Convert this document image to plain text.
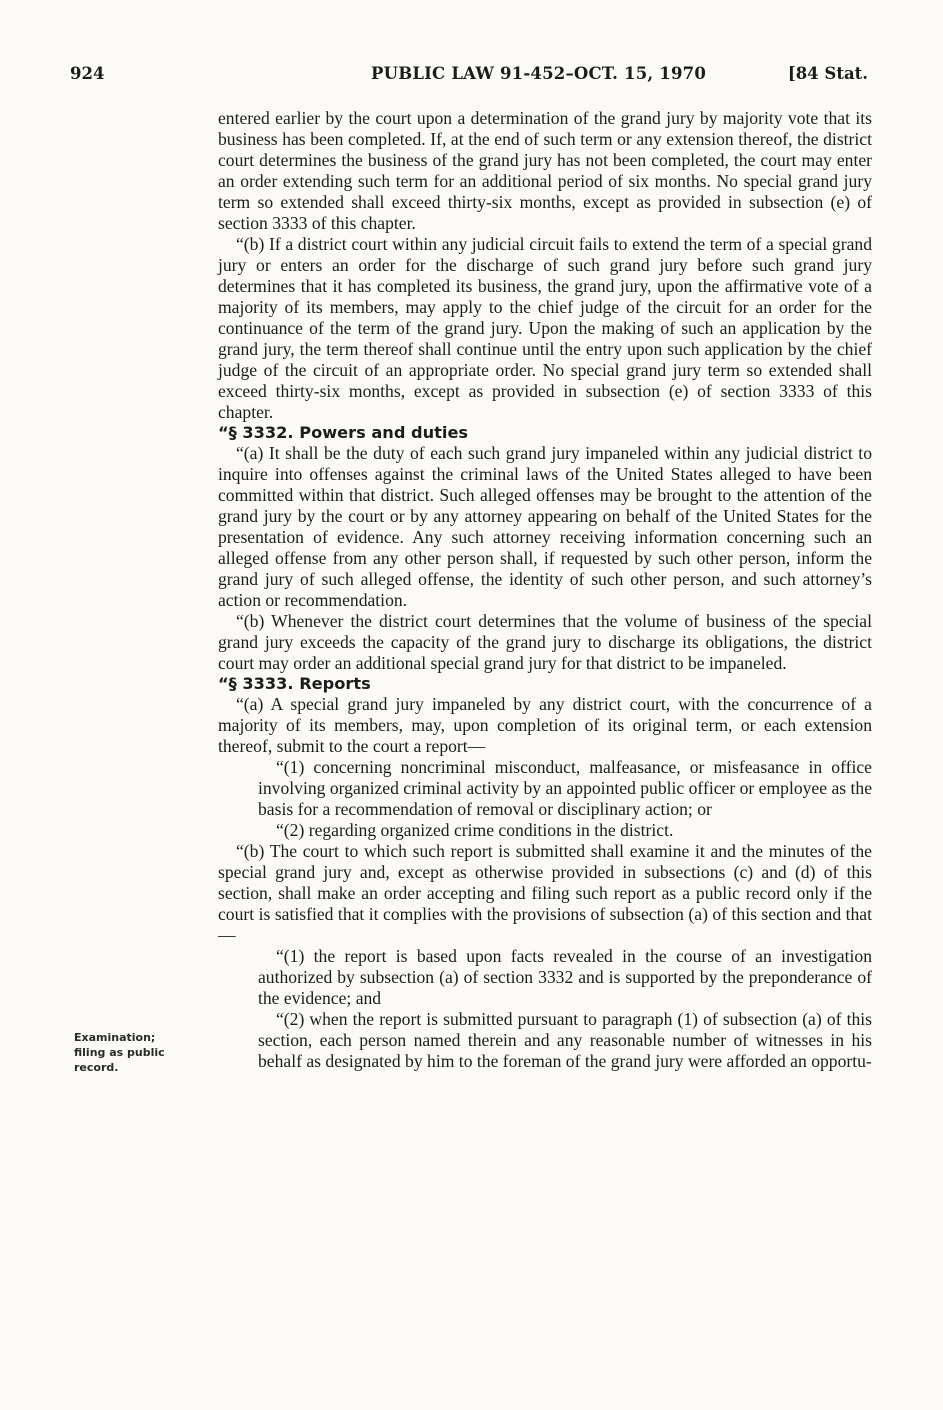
924	PUBLIC LAW 91-452–OCT. 15, 1970	[84 Stat.
Examination;
filing as public
record.

entered earlier by the court upon a determination of the grand jury by majority vote that its business has been completed. If, at the end of such term or any extension thereof, the district court determines the business of the grand jury has not been completed, the court may enter an order extending such term for an additional period of six months. No special grand jury term so extended shall exceed thirty-six months, except as provided in subsection (e) of section 3333 of this chapter.

“(b) If a district court within any judicial circuit fails to extend the term of a special grand jury or enters an order for the discharge of such grand jury before such grand jury determines that it has completed its business, the grand jury, upon the affirmative vote of a majority of its members, may apply to the chief judge of the circuit for an order for the continuance of the term of the grand jury. Upon the making of such an application by the grand jury, the term thereof shall continue until the entry upon such application by the chief judge of the circuit of an appropriate order. No special grand jury term so extended shall exceed thirty-six months, except as provided in subsection (e) of section 3333 of this chapter.

“§ 3332. Powers and duties

“(a) It shall be the duty of each such grand jury impaneled within any judicial district to inquire into offenses against the criminal laws of the United States alleged to have been committed within that district. Such alleged offenses may be brought to the attention of the grand jury by the court or by any attorney appearing on behalf of the United States for the presentation of evidence. Any such attorney receiving information concerning such an alleged offense from any other person shall, if requested by such other person, inform the grand jury of such alleged offense, the identity of such other person, and such attorney’s action or recommendation.

“(b) Whenever the district court determines that the volume of business of the special grand jury exceeds the capacity of the grand jury to discharge its obligations, the district court may order an additional special grand jury for that district to be impaneled.

“§ 3333. Reports

“(a) A special grand jury impaneled by any district court, with the concurrence of a majority of its members, may, upon completion of its original term, or each extension thereof, submit to the court a report—

“(1) concerning noncriminal misconduct, malfeasance, or misfeasance in office involving organized criminal activity by an appointed public officer or employee as the basis for a recommendation of removal or disciplinary action; or

“(2) regarding organized crime conditions in the district.

“(b) The court to which such report is submitted shall examine it and the minutes of the special grand jury and, except as otherwise provided in subsections (c) and (d) of this section, shall make an order accepting and filing such report as a public record only if the court is satisfied that it complies with the provisions of subsection (a) of this section and that—

“(1) the report is based upon facts revealed in the course of an investigation authorized by subsection (a) of section 3332 and is supported by the preponderance of the evidence; and

“(2) when the report is submitted pursuant to paragraph (1) of subsection (a) of this section, each person named therein and any reasonable number of witnesses in his behalf as designated by him to the foreman of the grand jury were afforded an opportu-
